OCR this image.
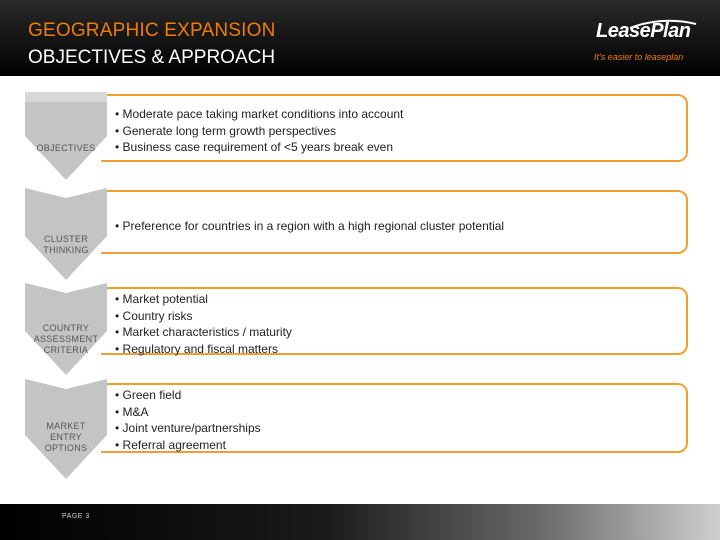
GEOGRAPHIC EXPANSION
OBJECTIVES & APPROACH
LeasePlan
It's easier to leaseplan
• Moderate pace taking market conditions into account
• Generate long term growth perspectives
• Business case requirement of <5 years break even
OBJECTIVES
• Preference for countries in a region with a high regional cluster potential
CLUSTER
THINKING
• Market potential
• Country risks
• Market characteristics / maturity
• Regulatory and fiscal matters
COUNTRY
ASSESSMENT
CRITERIA
• Green field
• M&A
• Joint venture/partnerships
• Referral agreement
MARKET
ENTRY
OPTIONS
PAGE 3
